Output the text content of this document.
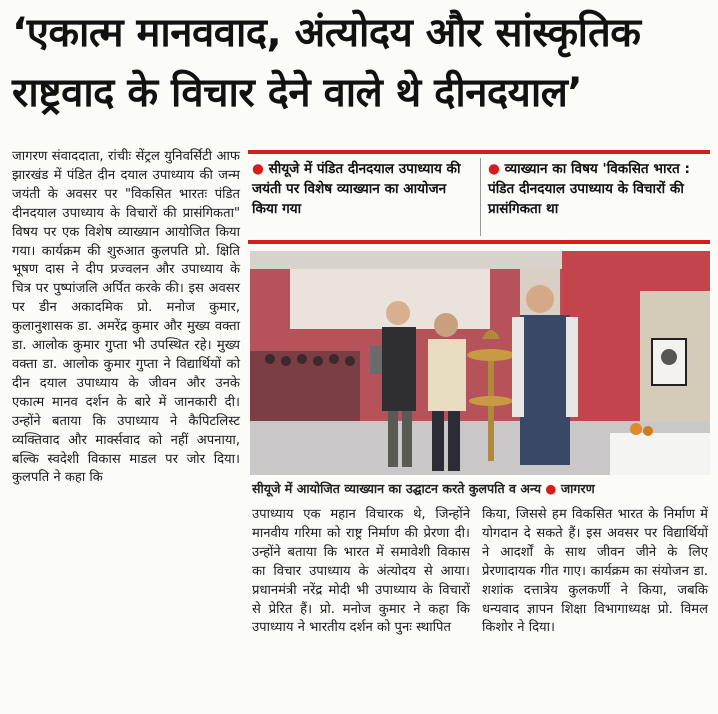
‘एकात्म मानववाद, अंत्योदय और सांस्कृतिक
राष्ट्रवाद के विचार देने वाले थे दीनदयाल’

जागरण संवाददाता, रांचीः सेंट्रल युनिवर्सिटी आफ झारखंड में पंडित दीन दयाल उपाध्याय की जन्म जयंती के अवसर पर "विकसित भारतः पंडित दीनदयाल उपाध्याय के विचारों की प्रासंगिकता" विषय पर एक विशेष व्याख्यान आयोजित किया गया। कार्यक्रम की शुरुआत कुलपति प्रो. क्षिति भूषण दास ने दीप प्रज्वलन और उपाध्याय के चित्र पर पुष्पांजलि अर्पित करके की। इस अवसर पर डीन अकादमिक प्रो. मनोज कुमार, कुलानुशासक डा. अमरेंद्र कुमार और मुख्य वक्ता डा. आलोक कुमार गुप्ता भी उपस्थित रहे। मुख्य वक्ता डा. आलोक कुमार गुप्ता ने विद्यार्थियों को दीन दयाल उपाध्याय के जीवन और उनके एकात्म मानव दर्शन के बारे में जानकारी दी। उन्होंने बताया कि उपाध्याय ने कैपिटलिस्ट व्यक्तिवाद और मार्क्सवाद को नहीं अपनाया, बल्कि स्वदेशी विकास माडल पर जोर दिया। कुलपति ने कहा कि

● सीयूजे में पंडित दीनदयाल उपाध्याय की जयंती पर विशेष व्याख्यान का आयोजन किया गया
● व्याख्यान का विषय 'विकसित भारत : पंडित दीनदयाल उपाध्याय के विचारों की प्रासंगिकता था
सीयूजे में आयोजित व्याख्यान का उद्घाटन करते कुलपति व अन्य ● जागरण

उपाध्याय एक महान विचारक थे, जिन्होंने मानवीय गरिमा को राष्ट्र निर्माण की प्रेरणा दी। उन्होंने बताया कि भारत में समावेशी विकास का विचार उपाध्याय के अंत्योदय से आया। प्रधानमंत्री नरेंद्र मोदी भी उपाध्याय के विचारों से प्रेरित हैं। प्रो. मनोज कुमार ने कहा कि उपाध्याय ने भारतीय दर्शन को पुनः स्थापित

किया, जिससे हम विकसित भारत के निर्माण में योगदान दे सकते हैं। इस अवसर पर विद्यार्थियों ने आदर्शों के साथ जीवन जीने के लिए प्रेरणादायक गीत गाए। कार्यक्रम का संयोजन डा. शशांक दत्तात्रेय कुलकर्णी ने किया, जबकि धन्यवाद ज्ञापन शिक्षा विभागाध्यक्ष प्रो. विमल किशोर ने दिया।
